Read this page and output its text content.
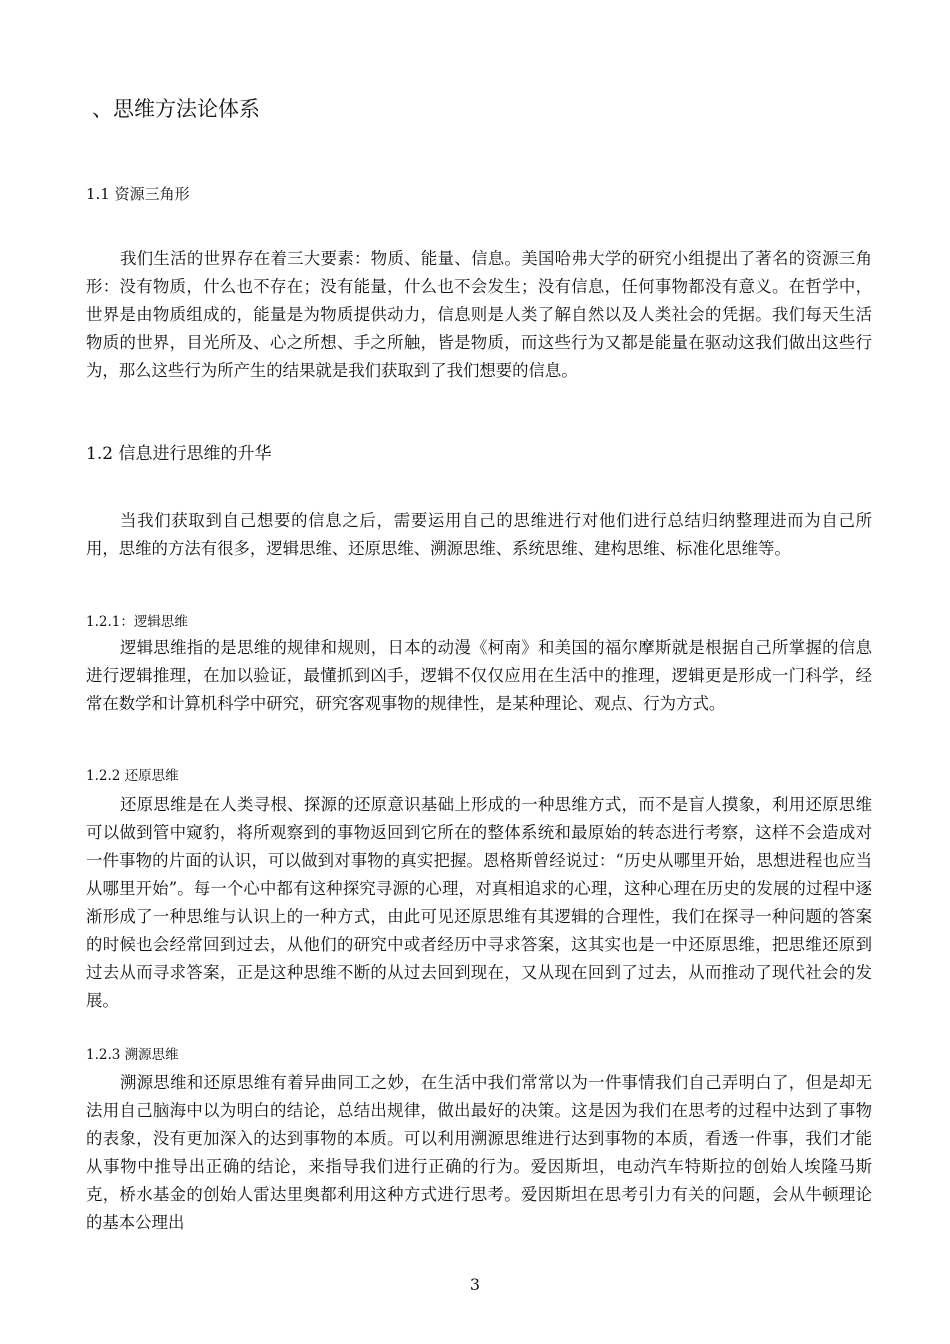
、思维方法论体系
1.1 资源三角形

我们生活的世界存在着三大要素：物质、能量、信息。美国哈弗大学的研究小组提出了著名的资源三角形：没有物质，什么也不存在；没有能量，什么也不会发生；没有信息，任何事物都没有意义。在哲学中，世界是由物质组成的，能量是为物质提供动力，信息则是人类了解自然以及人类社会的凭据。我们每天生活物质的世界，目光所及、心之所想、手之所触，皆是物质，而这些行为又都是能量在驱动这我们做出这些行为，那么这些行为所产生的结果就是我们获取到了我们想要的信息。

1.2 信息进行思维的升华

当我们获取到自己想要的信息之后，需要运用自己的思维进行对他们进行总结归纳整理进而为自己所用，思维的方法有很多，逻辑思维、还原思维、溯源思维、系统思维、建构思维、标准化思维等。

1.2.1：逻辑思维

逻辑思维指的是思维的规律和规则，日本的动漫《柯南》和美国的福尔摩斯就是根据自己所掌握的信息进行逻辑推理，在加以验证，最懂抓到凶手，逻辑不仅仅应用在生活中的推理，逻辑更是形成一门科学，经常在数学和计算机科学中研究，研究客观事物的规律性，是某种理论、观点、行为方式。

1.2.2 还原思维

还原思维是在人类寻根、探源的还原意识基础上形成的一种思维方式，而不是盲人摸象，利用还原思维可以做到管中窥豹，将所观察到的事物返回到它所在的整体系统和最原始的转态进行考察，这样不会造成对一件事物的片面的认识，可以做到对事物的真实把握。恩格斯曾经说过：“历史从哪里开始，思想进程也应当从哪里开始”。每一个心中都有这种探究寻源的心理，对真相追求的心理，这种心理在历史的发展的过程中逐渐形成了一种思维与认识上的一种方式，由此可见还原思维有其逻辑的合理性，我们在探寻一种问题的答案的时候也会经常回到过去，从他们的研究中或者经历中寻求答案，这其实也是一中还原思维，把思维还原到过去从而寻求答案，正是这种思维不断的从过去回到现在，又从现在回到了过去，从而推动了现代社会的发展。

1.2.3 溯源思维

溯源思维和还原思维有着异曲同工之妙，在生活中我们常常以为一件事情我们自己弄明白了，但是却无法用自己脑海中以为明白的结论，总结出规律，做出最好的决策。这是因为我们在思考的过程中达到了事物的表象，没有更加深入的达到事物的本质。可以利用溯源思维进行达到事物的本质，看透一件事，我们才能从事物中推导出正确的结论，来指导我们进行正确的行为。爱因斯坦，电动汽车特斯拉的创始人埃隆马斯克，桥水基金的创始人雷达里奥都利用这种方式进行思考。爱因斯坦在思考引力有关的问题，会从牛顿理论的基本公理出

3
